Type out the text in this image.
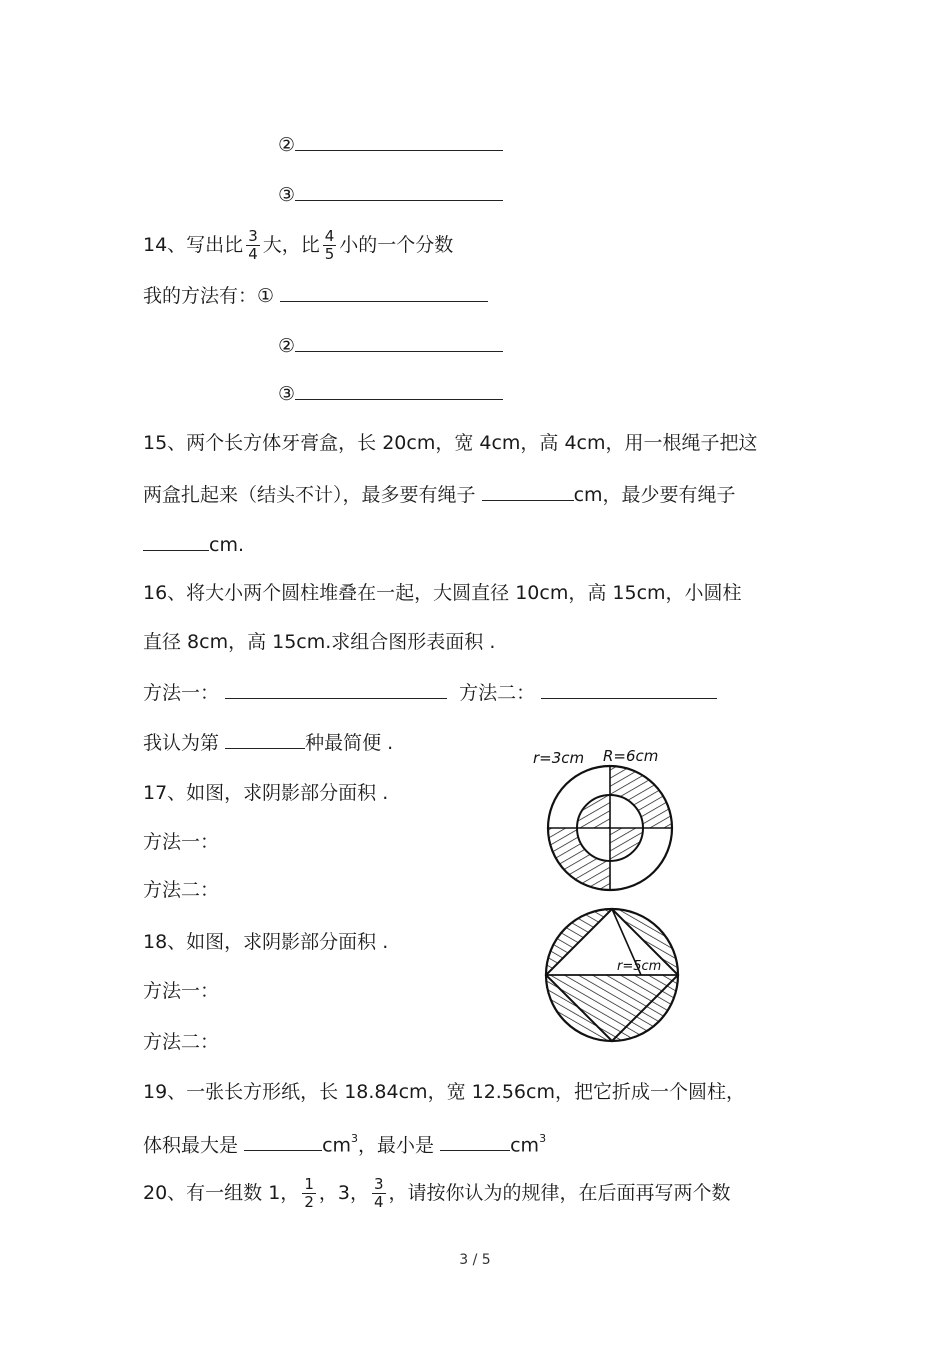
②
③
14、写出比 $\frac{3}{4}$ 大，比 $\frac{4}{5}$ 小的一个分数
我的方法有：①
②
③
15、两个长方体牙膏盒，长 20cm，宽 4cm，高 4cm，用一根绳子把这
两盒扎起来（结头不计），最多要有绳子	cm，最少要有绳子
cm.
16、将大小两个圆柱堆叠在一起，大圆直径 10cm，高 15cm，小圆柱
直径 8cm，高 15cm.求组合图形表面积 .
方法一：	方法二：
我认为第	种最简便 .
17、如图，求阴影部分面积 .
方法一：
方法二：
r=3cm R=6cm
18、如图，求阴影部分面积 .
方法一：
方法二：
r=5cm
19、一张长方形纸，长 18.84cm，宽 12.56cm，把它折成一个圆柱，
体积最大是	$cm^3$，最小是	$cm^3$
20、有一组数 1， $\frac{1}{2}$ ，3， $\frac{3}{4}$ ，请按你认为的规律，在后面再写两个数
3 / 5
